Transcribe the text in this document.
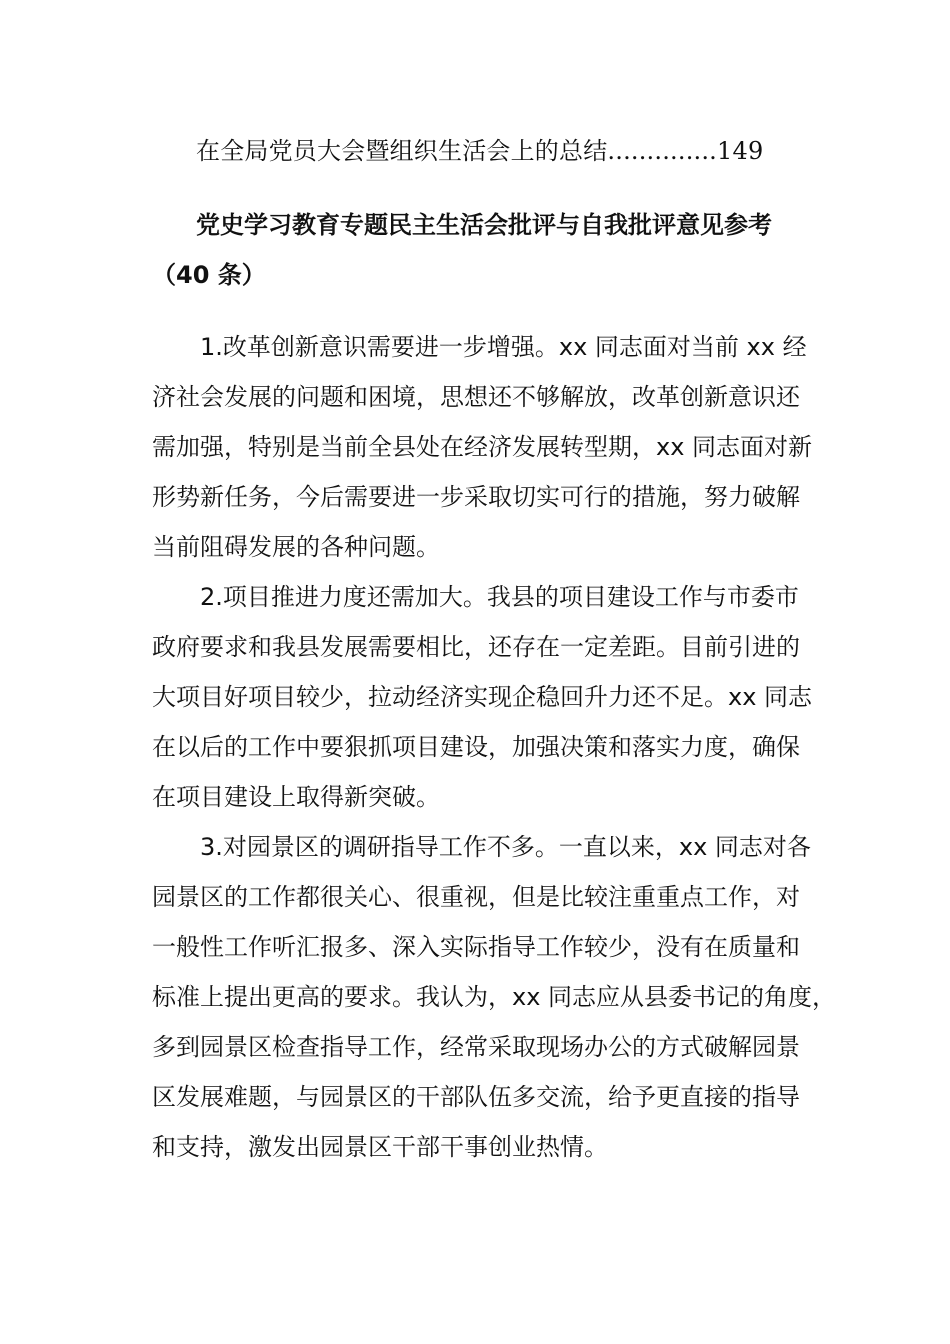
在全局党员大会暨组织生活会上的总结..............149
党史学习教育专题民主生活会批评与自我批评意见参考
（40 条）
1.改革创新意识需要进一步增强。xx 同志面对当前 xx 经
济社会发展的问题和困境，思想还不够解放，改革创新意识还
需加强，特别是当前全县处在经济发展转型期，xx 同志面对新
形势新任务，今后需要进一步采取切实可行的措施，努力破解
当前阻碍发展的各种问题。
2.项目推进力度还需加大。我县的项目建设工作与市委市
政府要求和我县发展需要相比，还存在一定差距。目前引进的
大项目好项目较少，拉动经济实现企稳回升力还不足。xx 同志
在以后的工作中要狠抓项目建设，加强决策和落实力度，确保
在项目建设上取得新突破。
3.对园景区的调研指导工作不多。一直以来，xx 同志对各
园景区的工作都很关心、很重视，但是比较注重重点工作，对
一般性工作听汇报多、深入实际指导工作较少，没有在质量和
标准上提出更高的要求。我认为，xx 同志应从县委书记的角度，
多到园景区检查指导工作，经常采取现场办公的方式破解园景
区发展难题，与园景区的干部队伍多交流，给予更直接的指导
和支持，激发出园景区干部干事创业热情。
